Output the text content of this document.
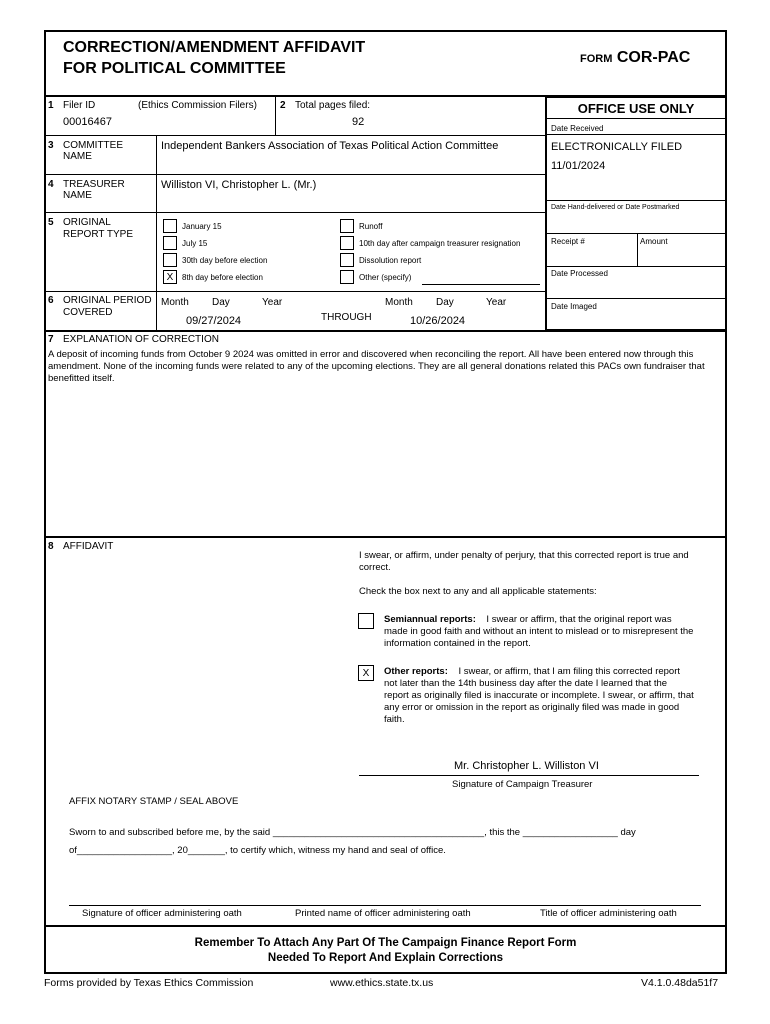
CORRECTION/AMENDMENT AFFIDAVIT
FOR POLITICAL COMMITTEE
FORM COR-PAC
OFFICE USE ONLY
Date Received
ELECTRONICALLY FILED
11/01/2024
Date Hand-delivered or Date Postmarked
Receipt #	Amount
Date Processed
Date Imaged
1 Filer ID	(Ethics Commission Filers)
00016467
2 Total pages filed:
92
3 COMMITTEE
NAME
Independent Bankers Association of Texas Political Action Committee
4 TREASURER
NAME
Williston VI, Christopher L. (Mr.)
5 ORIGINAL
REPORT TYPE
January 15
July 15
30th day before election
X	8th day before election
Runoff
10th day after campaign treasurer resignation
Dissolution report
Other (specify)
6 ORIGINAL PERIOD
COVERED
Month Day	Year
09/27/2024	THROUGH
Month Day	Year
10/26/2024
7 EXPLANATION OF CORRECTION
A deposit of incoming funds from October 9 2024 was omitted in error and discovered when reconciling the report. All have been entered now through this amendment. None of the incoming funds were related to any of the upcoming elections. They are all general donations related this PACs own fundraiser that benefitted itself.
8 AFFIDAVIT
I swear, or affirm, under penalty of perjury, that this corrected report is true and correct.
Check the box next to any and all applicable statements:
Semiannual reports: I swear or affirm, that the original report was made in good faith and without an intent to mislead or to misrepresent the information contained in the report.
X	Other reports: I swear, or affirm, that I am filing this corrected report not later than the 14th business day after the date I learned that the report as originally filed is inaccurate or incomplete. I swear, or affirm, that any error or omission in the report as originally filed was made in good faith.
Mr. Christopher L. Williston VI
Signature of Campaign Treasurer
AFFIX NOTARY STAMP / SEAL ABOVE
Sworn to and subscribed before me, by the said ________________________________________, this the __________________ day
of__________________, 20_______, to certify which, witness my hand and seal of office.
Signature of officer administering oath	Printed name of officer administering oath	Title of officer administering oath
Remember To Attach Any Part Of The Campaign Finance Report Form
Needed To Report And Explain Corrections
Forms provided by Texas Ethics Commission	www.ethics.state.tx.us	V4.1.0.48da51f7
